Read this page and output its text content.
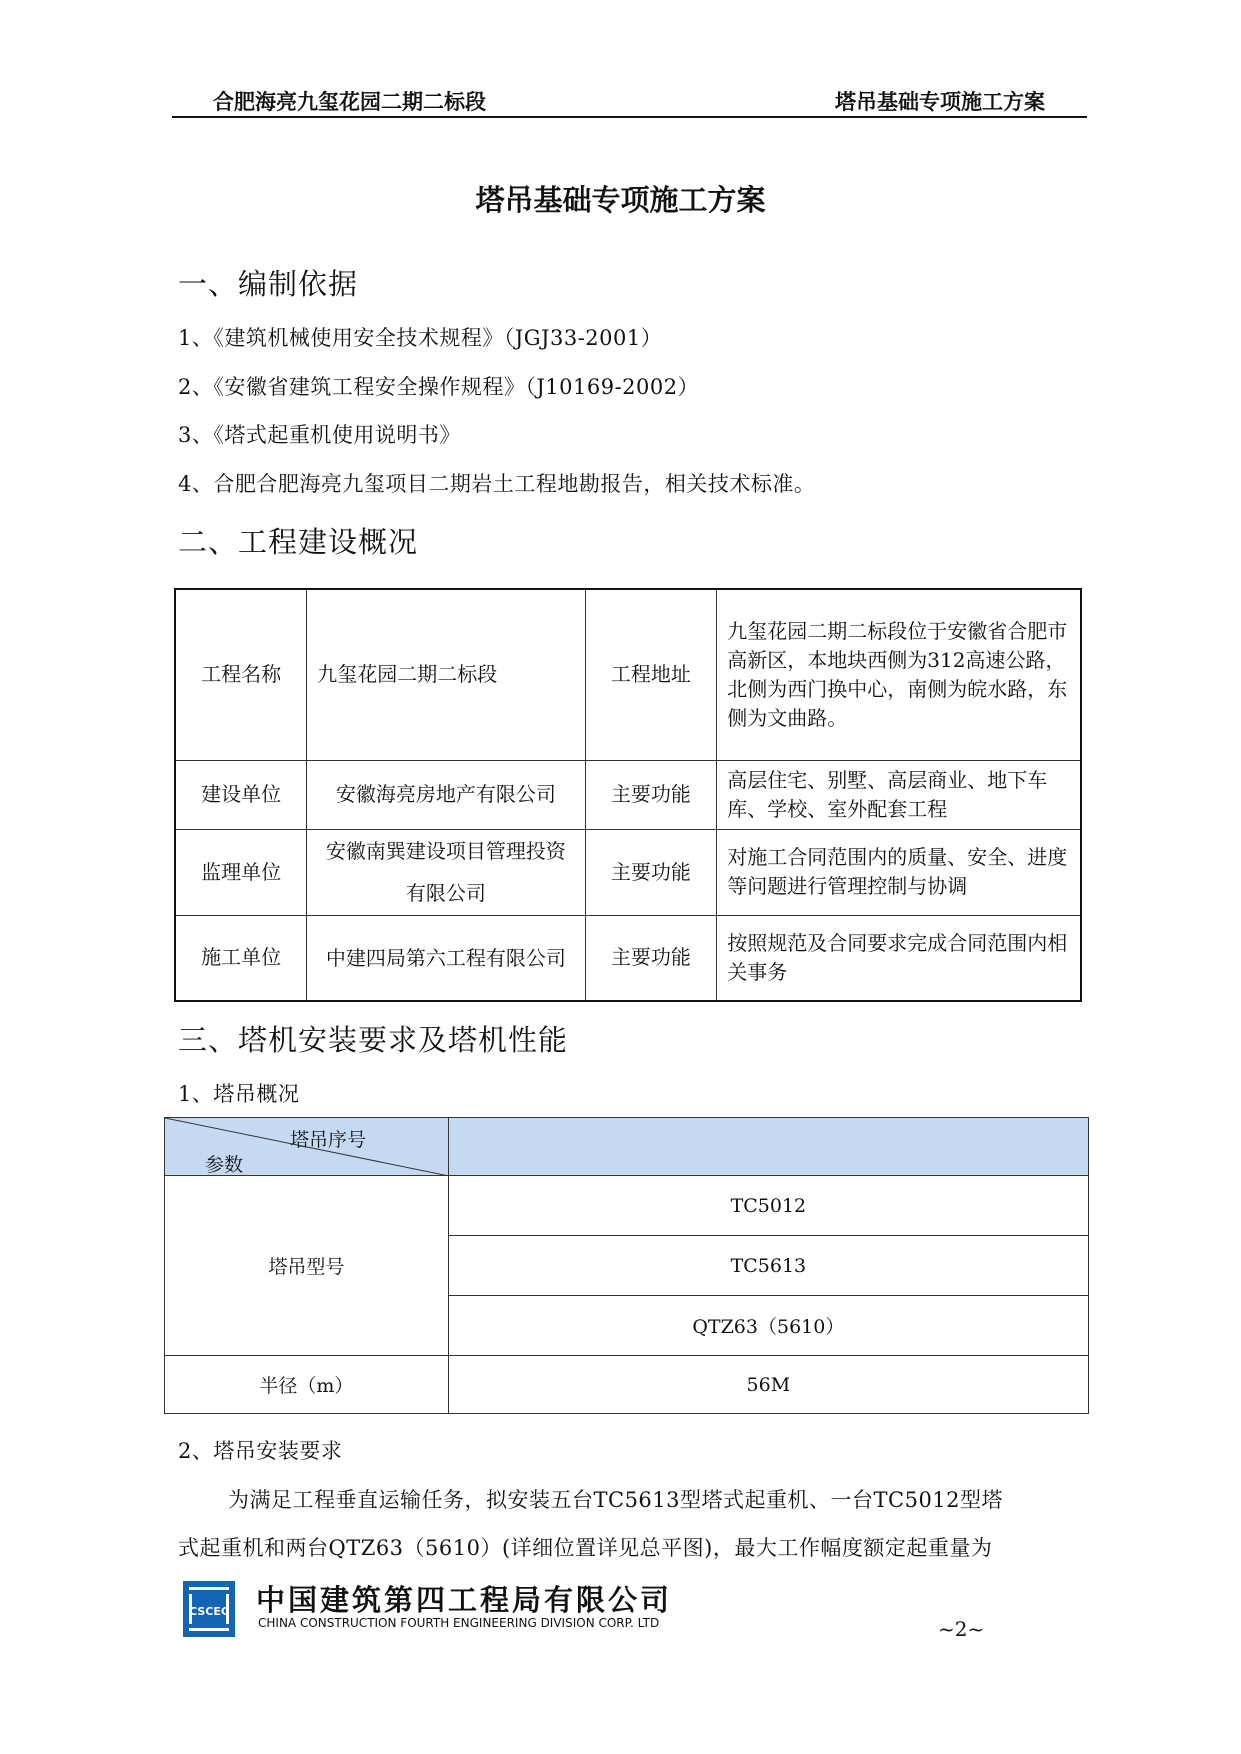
合肥海亮九玺花园二期二标段	塔吊基础专项施工方案
塔吊基础专项施工方案
一、编制依据
1、《建筑机械使用安全技术规程》（JGJ33-2001）
2、《安徽省建筑工程安全操作规程》（J10169-2002）
3、《塔式起重机使用说明书》
4、合肥合肥海亮九玺项目二期岩土工程地勘报告，相关技术标准。
二、工程建设概况
工程名称	九玺花园二期二标段	工程地址	九玺花园二期二标段位于安徽省合肥市高新区，本地块西侧为312高速公路，北侧为西门换中心，南侧为皖水路，东侧为文曲路。
建设单位	安徽海亮房地产有限公司	主要功能	高层住宅、别墅、高层商业、地下车库、学校、室外配套工程
监理单位	安徽南巽建设项目管理投资有限公司	主要功能	对施工合同范围内的质量、安全、进度等问题进行管理控制与协调
施工单位	中建四局第六工程有限公司	主要功能	按照规范及合同要求完成合同范围内相关事务
三、塔机安装要求及塔机性能
1、塔吊概况
塔吊序号
参数	

塔吊型号	TC5012
	TC5613
	QTZ63（5610）
半径（m）	56M
2、塔吊安装要求
为满足工程垂直运输任务，拟安装五台TC5613型塔式起重机、一台TC5012型塔
式起重机和两台QTZ63（5610）(详细位置详见总平图)，最大工作幅度额定起重量为
CSCEC 中国建筑第四工程局有限公司
CHINA CONSTRUCTION FOURTH ENGINEERING DIVISION CORP. LTD	~2~
